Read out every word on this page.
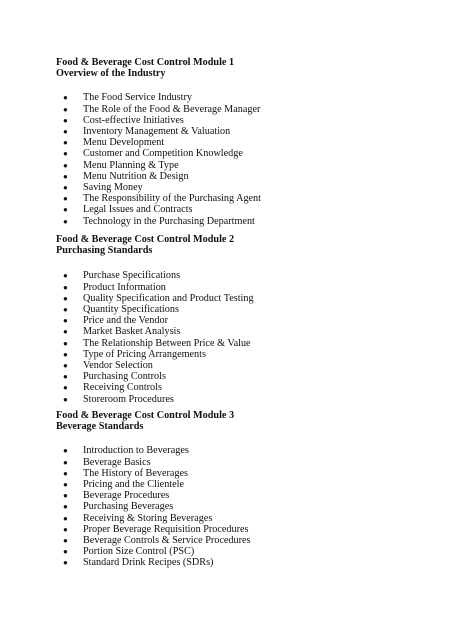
Food & Beverage Cost Control Module 1
Overview of the Industry
● The Food Service Industry
● The Role of the Food & Beverage Manager
● Cost-effective Initiatives
● Inventory Management & Valuation
● Menu Development
● Customer and Competition Knowledge
● Menu Planning & Type
● Menu Nutrition & Design
● Saving Money
● The Responsibility of the Purchasing Agent
● Legal Issues and Contracts
● Technology in the Purchasing Department
Food & Beverage Cost Control Module 2
Purchasing Standards
● Purchase Specifications
● Product Information
● Quality Specification and Product Testing
● Quantity Specifications
● Price and the Vendor
● Market Basket Analysis
● The Relationship Between Price & Value
● Type of Pricing Arrangements
● Vendor Selection
● Purchasing Controls
● Receiving Controls
● Storeroom Procedures
Food & Beverage Cost Control Module 3
Beverage Standards
● Introduction to Beverages
● Beverage Basics
● The History of Beverages
● Pricing and the Clientele
● Beverage Procedures
● Purchasing Beverages
● Receiving & Storing Beverages
● Proper Beverage Requisition Procedures
● Beverage Controls & Service Procedures
● Portion Size Control (PSC)
● Standard Drink Recipes (SDRs)
